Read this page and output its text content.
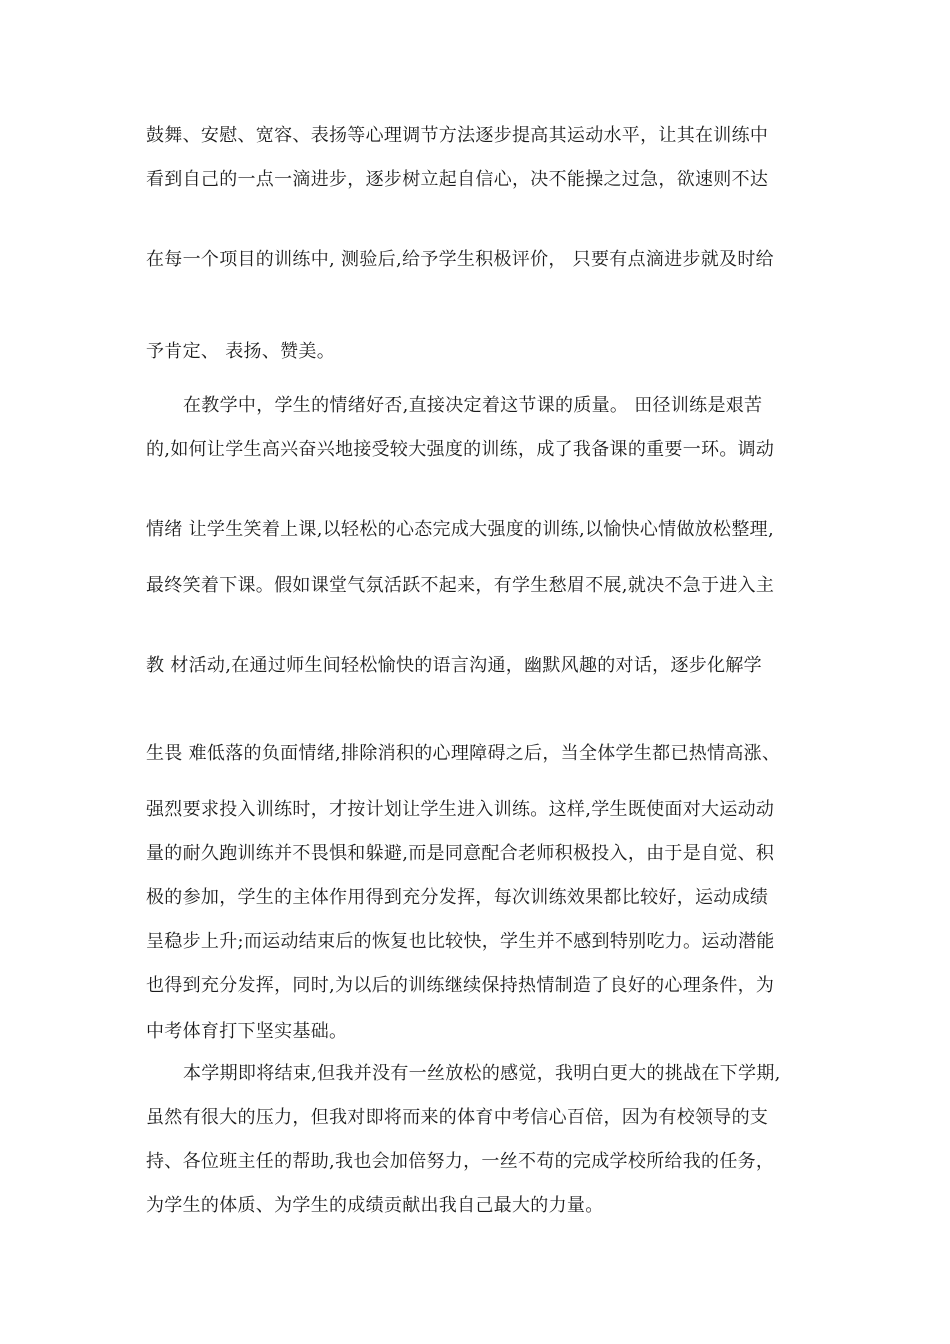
鼓舞、安慰、宽容、表扬等心理调节方法逐步提高其运动水平，让其在训练中
看到自己的一点一滴进步，逐步树立起自信心，决不能操之过急，欲速则不达
在每一个项目的训练中, 测验后,给予学生积极评价， 只要有点滴进步就及时给
予肯定、 表扬、赞美。
在教学中，学生的情绪好否,直接决定着这节课的质量。 田径训练是艰苦
的,如何让学生高兴奋兴地接受较大强度的训练，成了我备课的重要一环。调动
情绪 让学生笑着上课,以轻松的心态完成大强度的训练,以愉快心情做放松整理,
最终笑着下课。假如课堂气氛活跃不起来，有学生愁眉不展,就决不急于进入主
教 材活动,在通过师生间轻松愉快的语言沟通，幽默风趣的对话，逐步化解学
生畏 难低落的负面情绪,排除消积的心理障碍之后，当全体学生都已热情高涨、
强烈要求投入训练时，才按计划让学生进入训练。这样,学生既使面对大运动动
量的耐久跑训练并不畏惧和躲避,而是同意配合老师积极投入，由于是自觉、积
极的参加，学生的主体作用得到充分发挥，每次训练效果都比较好，运动成绩
呈稳步上升;而运动结束后的恢复也比较快，学生并不感到特别吃力。运动潜能
也得到充分发挥，同时,为以后的训练继续保持热情制造了良好的心理条件，为
中考体育打下坚实基础。
本学期即将结束,但我并没有一丝放松的感觉，我明白更大的挑战在下学期,
虽然有很大的压力，但我对即将而来的体育中考信心百倍，因为有校领导的支
持、各位班主任的帮助,我也会加倍努力，一丝不苟的完成学校所给我的任务，
为学生的体质、为学生的成绩贡献出我自己最大的力量。
